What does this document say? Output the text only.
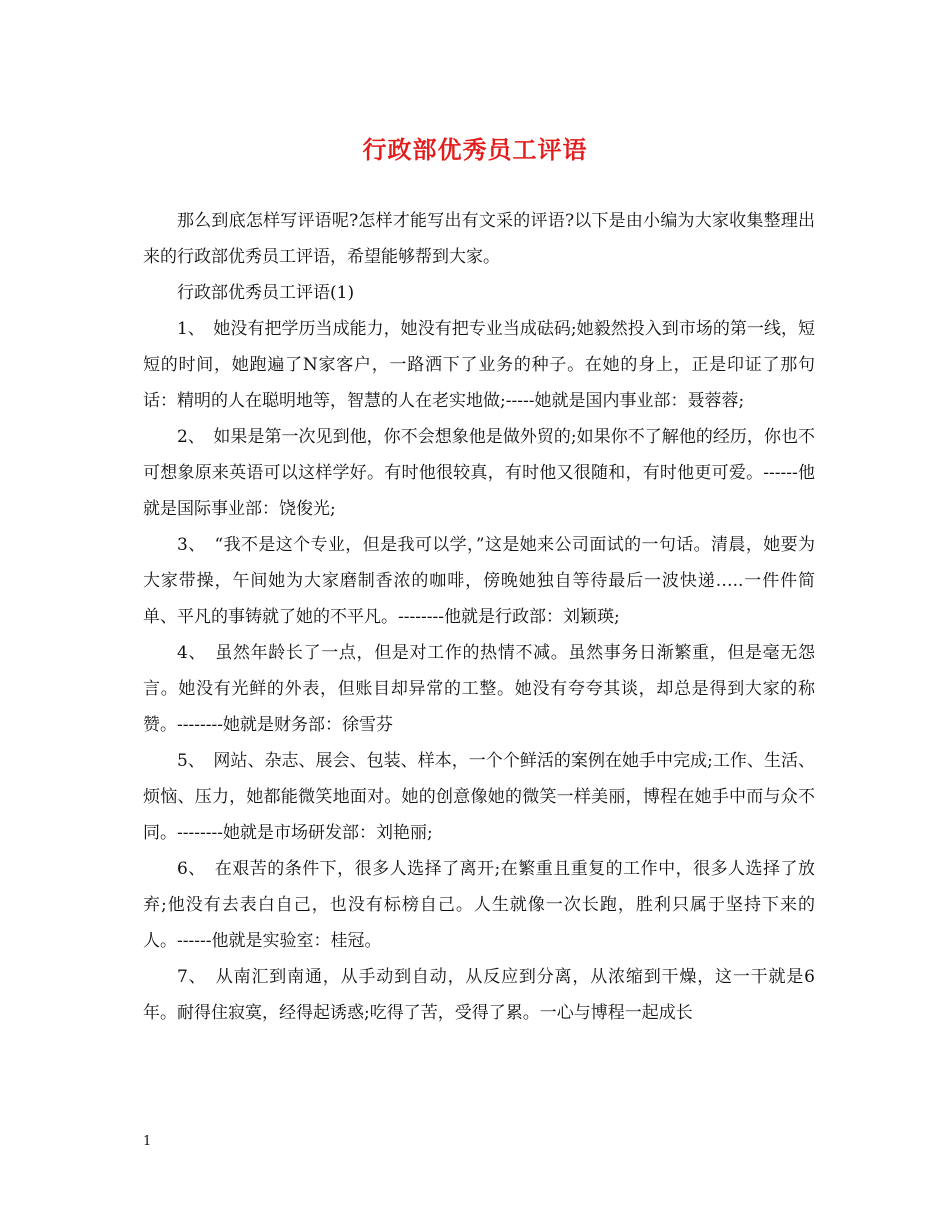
行政部优秀员工评语

那么到底怎样写评语呢?怎样才能写出有文采的评语?以下是由小编为大家收集整理出来的行政部优秀员工评语，希望能够帮到大家。

行政部优秀员工评语(1)

1、　她没有把学历当成能力，她没有把专业当成砝码;她毅然投入到市场的第一线，短短的时间，她跑遍了N家客户，一路洒下了业务的种子。在她的身上，正是印证了那句话：精明的人在聪明地等，智慧的人在老实地做;-----她就是国内事业部：聂蓉蓉;

2、　如果是第一次见到他，你不会想象他是做外贸的;如果你不了解他的经历，你也不可想象原来英语可以这样学好。有时他很较真，有时他又很随和，有时他更可爱。------他就是国际事业部：饶俊光;

3、　“我不是这个专业，但是我可以学，”这是她来公司面试的一句话。清晨，她要为大家带操，午间她为大家磨制香浓的咖啡，傍晚她独自等待最后一波快递…..一件件简单、平凡的事铸就了她的不平凡。--------他就是行政部：刘颖瑛;

4、　虽然年龄长了一点，但是对工作的热情不减。虽然事务日渐繁重，但是毫无怨言。她没有光鲜的外表，但账目却异常的工整。她没有夸夸其谈，却总是得到大家的称赞。--------她就是财务部：徐雪芬

5、　网站、杂志、展会、包装、样本，一个个鲜活的案例在她手中完成;工作、生活、烦恼、压力，她都能微笑地面对。她的创意像她的微笑一样美丽，博程在她手中而与众不同。--------她就是市场研发部：刘艳丽;

6、　在艰苦的条件下，很多人选择了离开;在繁重且重复的工作中，很多人选择了放弃;他没有去表白自己，也没有标榜自己。人生就像一次长跑，胜利只属于坚持下来的人。------他就是实验室：桂冠。

7、　从南汇到南通，从手动到自动，从反应到分离，从浓缩到干燥，这一干就是6年。耐得住寂寞，经得起诱惑;吃得了苦，受得了累。一心与博程一起成长

1
